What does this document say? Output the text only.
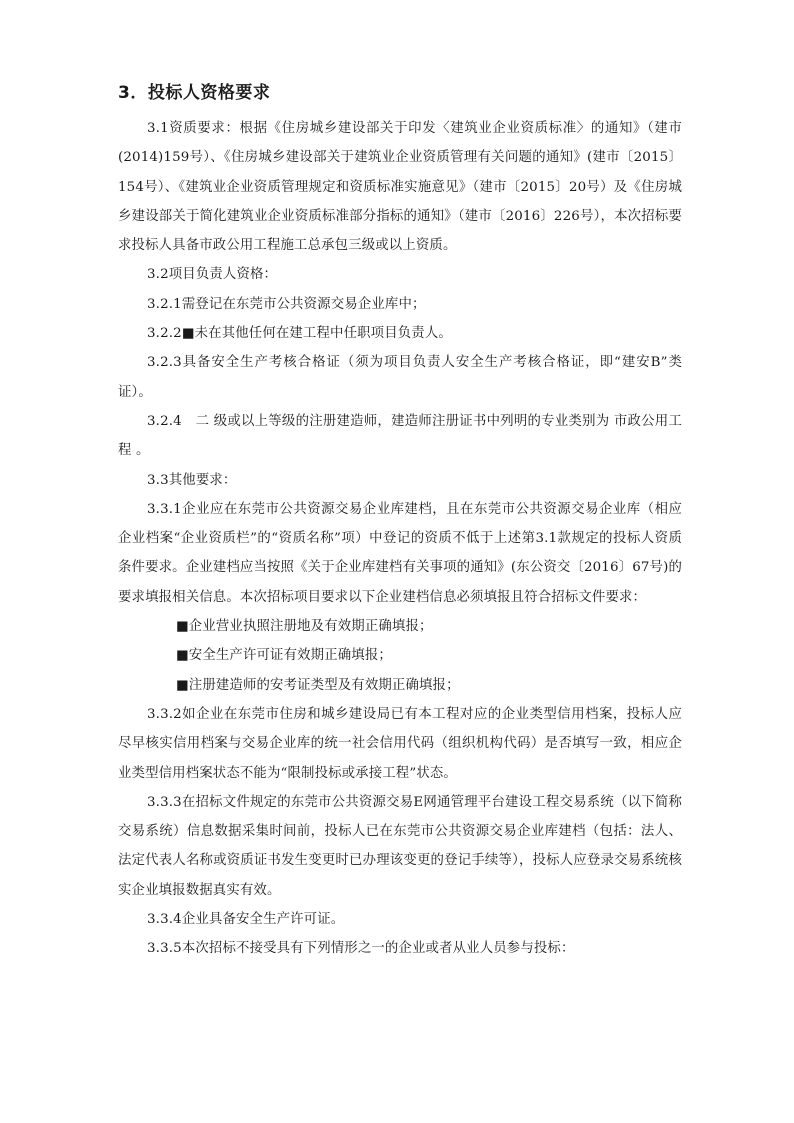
3．投标人资格要求

3.1资质要求：根据《住房城乡建设部关于印发〈建筑业企业资质标准〉的通知》（建市(2014)159号）、《住房城乡建设部关于建筑业企业资质管理有关问题的通知》(建市〔2015〕154号）、《建筑业企业资质管理规定和资质标准实施意见》（建市〔2015〕20号）及《住房城乡建设部关于简化建筑业企业资质标准部分指标的通知》（建市〔2016〕226号），本次招标要求投标人具备市政公用工程施工总承包三级或以上资质。

3.2项目负责人资格：

3.2.1需登记在东莞市公共资源交易企业库中；

3.2.2■未在其他任何在建工程中任职项目负责人。

3.2.3具备安全生产考核合格证（须为项目负责人安全生产考核合格证，即“建安B”类证）。

3.2.4　二 级或以上等级的注册建造师，建造师注册证书中列明的专业类别为 市政公用工程 。

3.3其他要求：

3.3.1企业应在东莞市公共资源交易企业库建档，且在东莞市公共资源交易企业库（相应企业档案“企业资质栏”的“资质名称”项）中登记的资质不低于上述第3.1款规定的投标人资质条件要求。企业建档应当按照《关于企业库建档有关事项的通知》(东公资交〔2016〕67号)的要求填报相关信息。本次招标项目要求以下企业建档信息必须填报且符合招标文件要求：

■企业营业执照注册地及有效期正确填报；

■安全生产许可证有效期正确填报；

■注册建造师的安考证类型及有效期正确填报；

3.3.2如企业在东莞市住房和城乡建设局已有本工程对应的企业类型信用档案，投标人应尽早核实信用档案与交易企业库的统一社会信用代码（组织机构代码）是否填写一致，相应企业类型信用档案状态不能为“限制投标或承接工程”状态。

3.3.3在招标文件规定的东莞市公共资源交易E网通管理平台建设工程交易系统（以下简称交易系统）信息数据采集时间前，投标人已在东莞市公共资源交易企业库建档（包括：法人、法定代表人名称或资质证书发生变更时已办理该变更的登记手续等），投标人应登录交易系统核实企业填报数据真实有效。

3.3.4企业具备安全生产许可证。

3.3.5本次招标不接受具有下列情形之一的企业或者从业人员参与投标：
